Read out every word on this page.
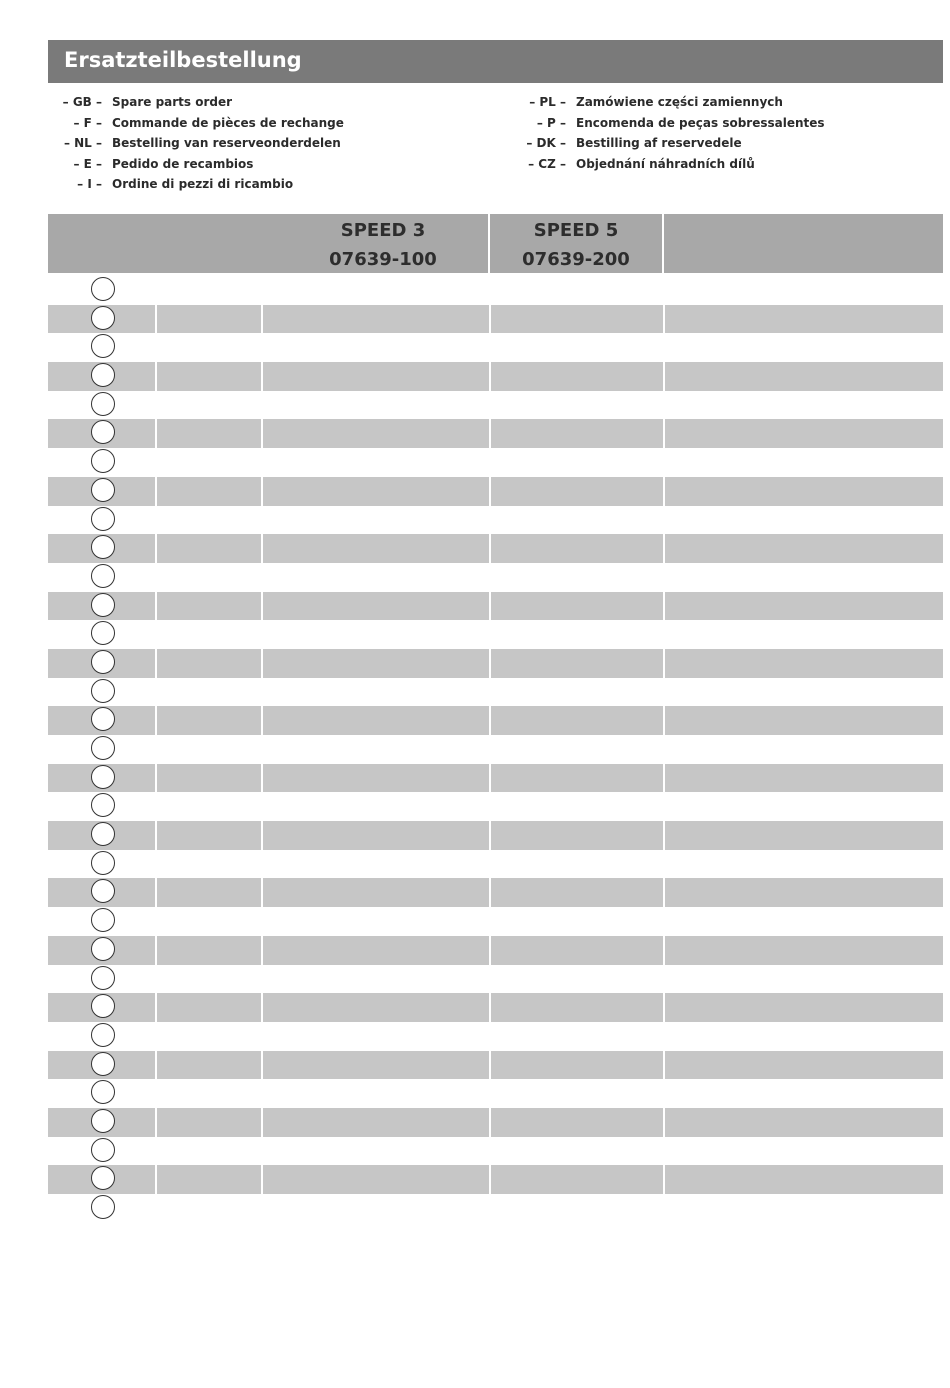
Ersatzteilbestellung
– GB – Spare parts order
– F – Commande de pièces de rechange
– NL – Bestelling van reserveonderdelen
– E – Pedido de recambios
– I – Ordine di pezzi di ricambio
– PL – Zamówiene części zamiennych
– P – Encomenda de peças sobressalentes
– DK – Bestilling af reservedele
– CZ – Objednání náhradních dílů
SPEED 3
07639-100
SPEED 5
07639-200
